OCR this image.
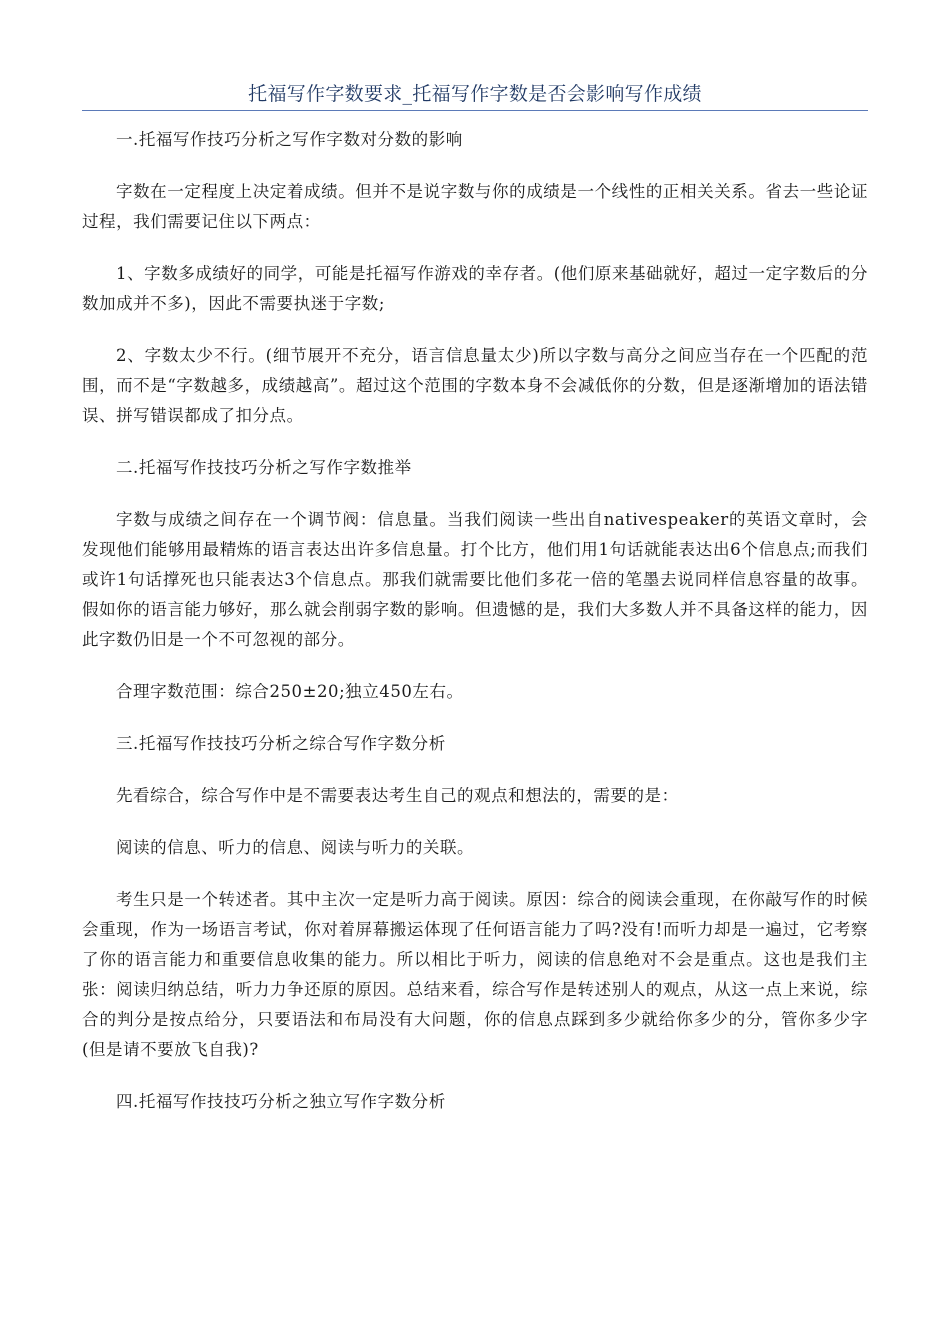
托福写作字数要求_托福写作字数是否会影响写作成绩

一.托福写作技巧分析之写作字数对分数的影响

字数在一定程度上决定着成绩。但并不是说字数与你的成绩是一个线性的正相关关系。省去一些论证过程，我们需要记住以下两点：

1、字数多成绩好的同学，可能是托福写作游戏的幸存者。(他们原来基础就好，超过一定字数后的分数加成并不多)，因此不需要执迷于字数;

2、字数太少不行。(细节展开不充分，语言信息量太少)所以字数与高分之间应当存在一个匹配的范围，而不是“字数越多，成绩越高”。超过这个范围的字数本身不会减低你的分数，但是逐渐增加的语法错误、拼写错误都成了扣分点。

二.托福写作技技巧分析之写作字数推举

字数与成绩之间存在一个调节阀：信息量。当我们阅读一些出自nativespeaker的英语文章时，会发现他们能够用最精炼的语言表达出许多信息量。打个比方，他们用1句话就能表达出6个信息点;而我们或许1句话撑死也只能表达3个信息点。那我们就需要比他们多花一倍的笔墨去说同样信息容量的故事。假如你的语言能力够好，那么就会削弱字数的影响。但遗憾的是，我们大多数人并不具备这样的能力，因此字数仍旧是一个不可忽视的部分。

合理字数范围：综合250±20;独立450左右。

三.托福写作技技巧分析之综合写作字数分析

先看综合，综合写作中是不需要表达考生自己的观点和想法的，需要的是：

阅读的信息、听力的信息、阅读与听力的关联。

考生只是一个转述者。其中主次一定是听力高于阅读。原因：综合的阅读会重现，在你敲写作的时候会重现，作为一场语言考试，你对着屏幕搬运体现了任何语言能力了吗?没有!而听力却是一遍过，它考察了你的语言能力和重要信息收集的能力。所以相比于听力，阅读的信息绝对不会是重点。这也是我们主张：阅读归纳总结，听力力争还原的原因。总结来看，综合写作是转述别人的观点，从这一点上来说，综合的判分是按点给分，只要语法和布局没有大问题，你的信息点踩到多少就给你多少的分，管你多少字(但是请不要放飞自我)?

四.托福写作技技巧分析之独立写作字数分析
